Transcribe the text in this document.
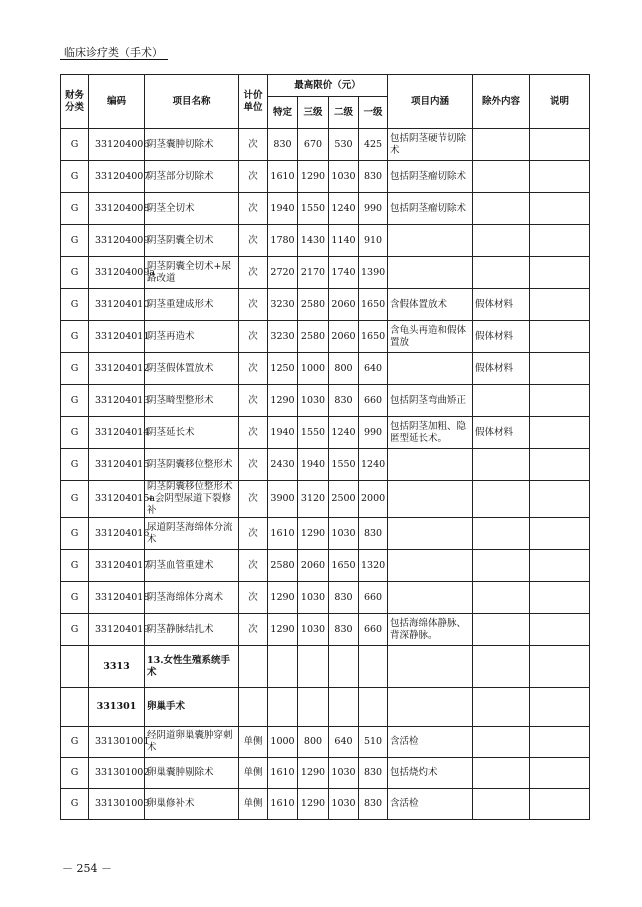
临床诊疗类（手术）
财务分类	编码	项目名称	计价单位	最高限价（元）				项目内涵	除外内容	说明
				特定	三级	二级	一级			
G	331204006	阴茎囊肿切除术	次	830	670	530	425	包括阴茎硬节切除术		
G	331204007	阴茎部分切除术	次	1610	1290	1030	830	包括阴茎瘤切除术		
G	331204008	阴茎全切术	次	1940	1550	1240	990	包括阴茎瘤切除术		
G	331204009	阴茎阴囊全切术	次	1780	1430	1140	910			
G	331204009a	阴茎阴囊全切术+尿路改道	次	2720	2170	1740	1390			
G	331204010	阴茎重建成形术	次	3230	2580	2060	1650	含假体置放术	假体材料	
G	331204011	阴茎再造术	次	3230	2580	2060	1650	含龟头再造和假体置放	假体材料	
G	331204012	阴茎假体置放术	次	1250	1000	800	640		假体材料	
G	331204013	阴茎畸型整形术	次	1290	1030	830	660	包括阴茎弯曲矫正		
G	331204014	阴茎延长术	次	1940	1550	1240	990	包括阴茎加粗、隐匿型延长术。	假体材料	
G	331204015	阴茎阴囊移位整形术	次	2430	1940	1550	1240			
G	331204015a	阴茎阴囊移位整形术+会阴型尿道下裂修补	次	3900	3120	2500	2000			
G	331204016	尿道阴茎海绵体分流术	次	1610	1290	1030	830			
G	331204017	阴茎血管重建术	次	2580	2060	1650	1320			
G	331204018	阴茎海绵体分离术	次	1290	1030	830	660			
G	331204019	阴茎静脉结扎术	次	1290	1030	830	660	包括海绵体静脉、背深静脉。		
	3313	13.女性生殖系统手术								
	331301	卵巢手术								
G	331301001	经阴道卵巢囊肿穿刺术	单侧	1000	800	640	510	含活检		
G	331301002	卵巢囊肿剔除术	单侧	1610	1290	1030	830	包括烧灼术		
G	331301003	卵巢修补术	单侧	1610	1290	1030	830	含活检		
－ 254 －
